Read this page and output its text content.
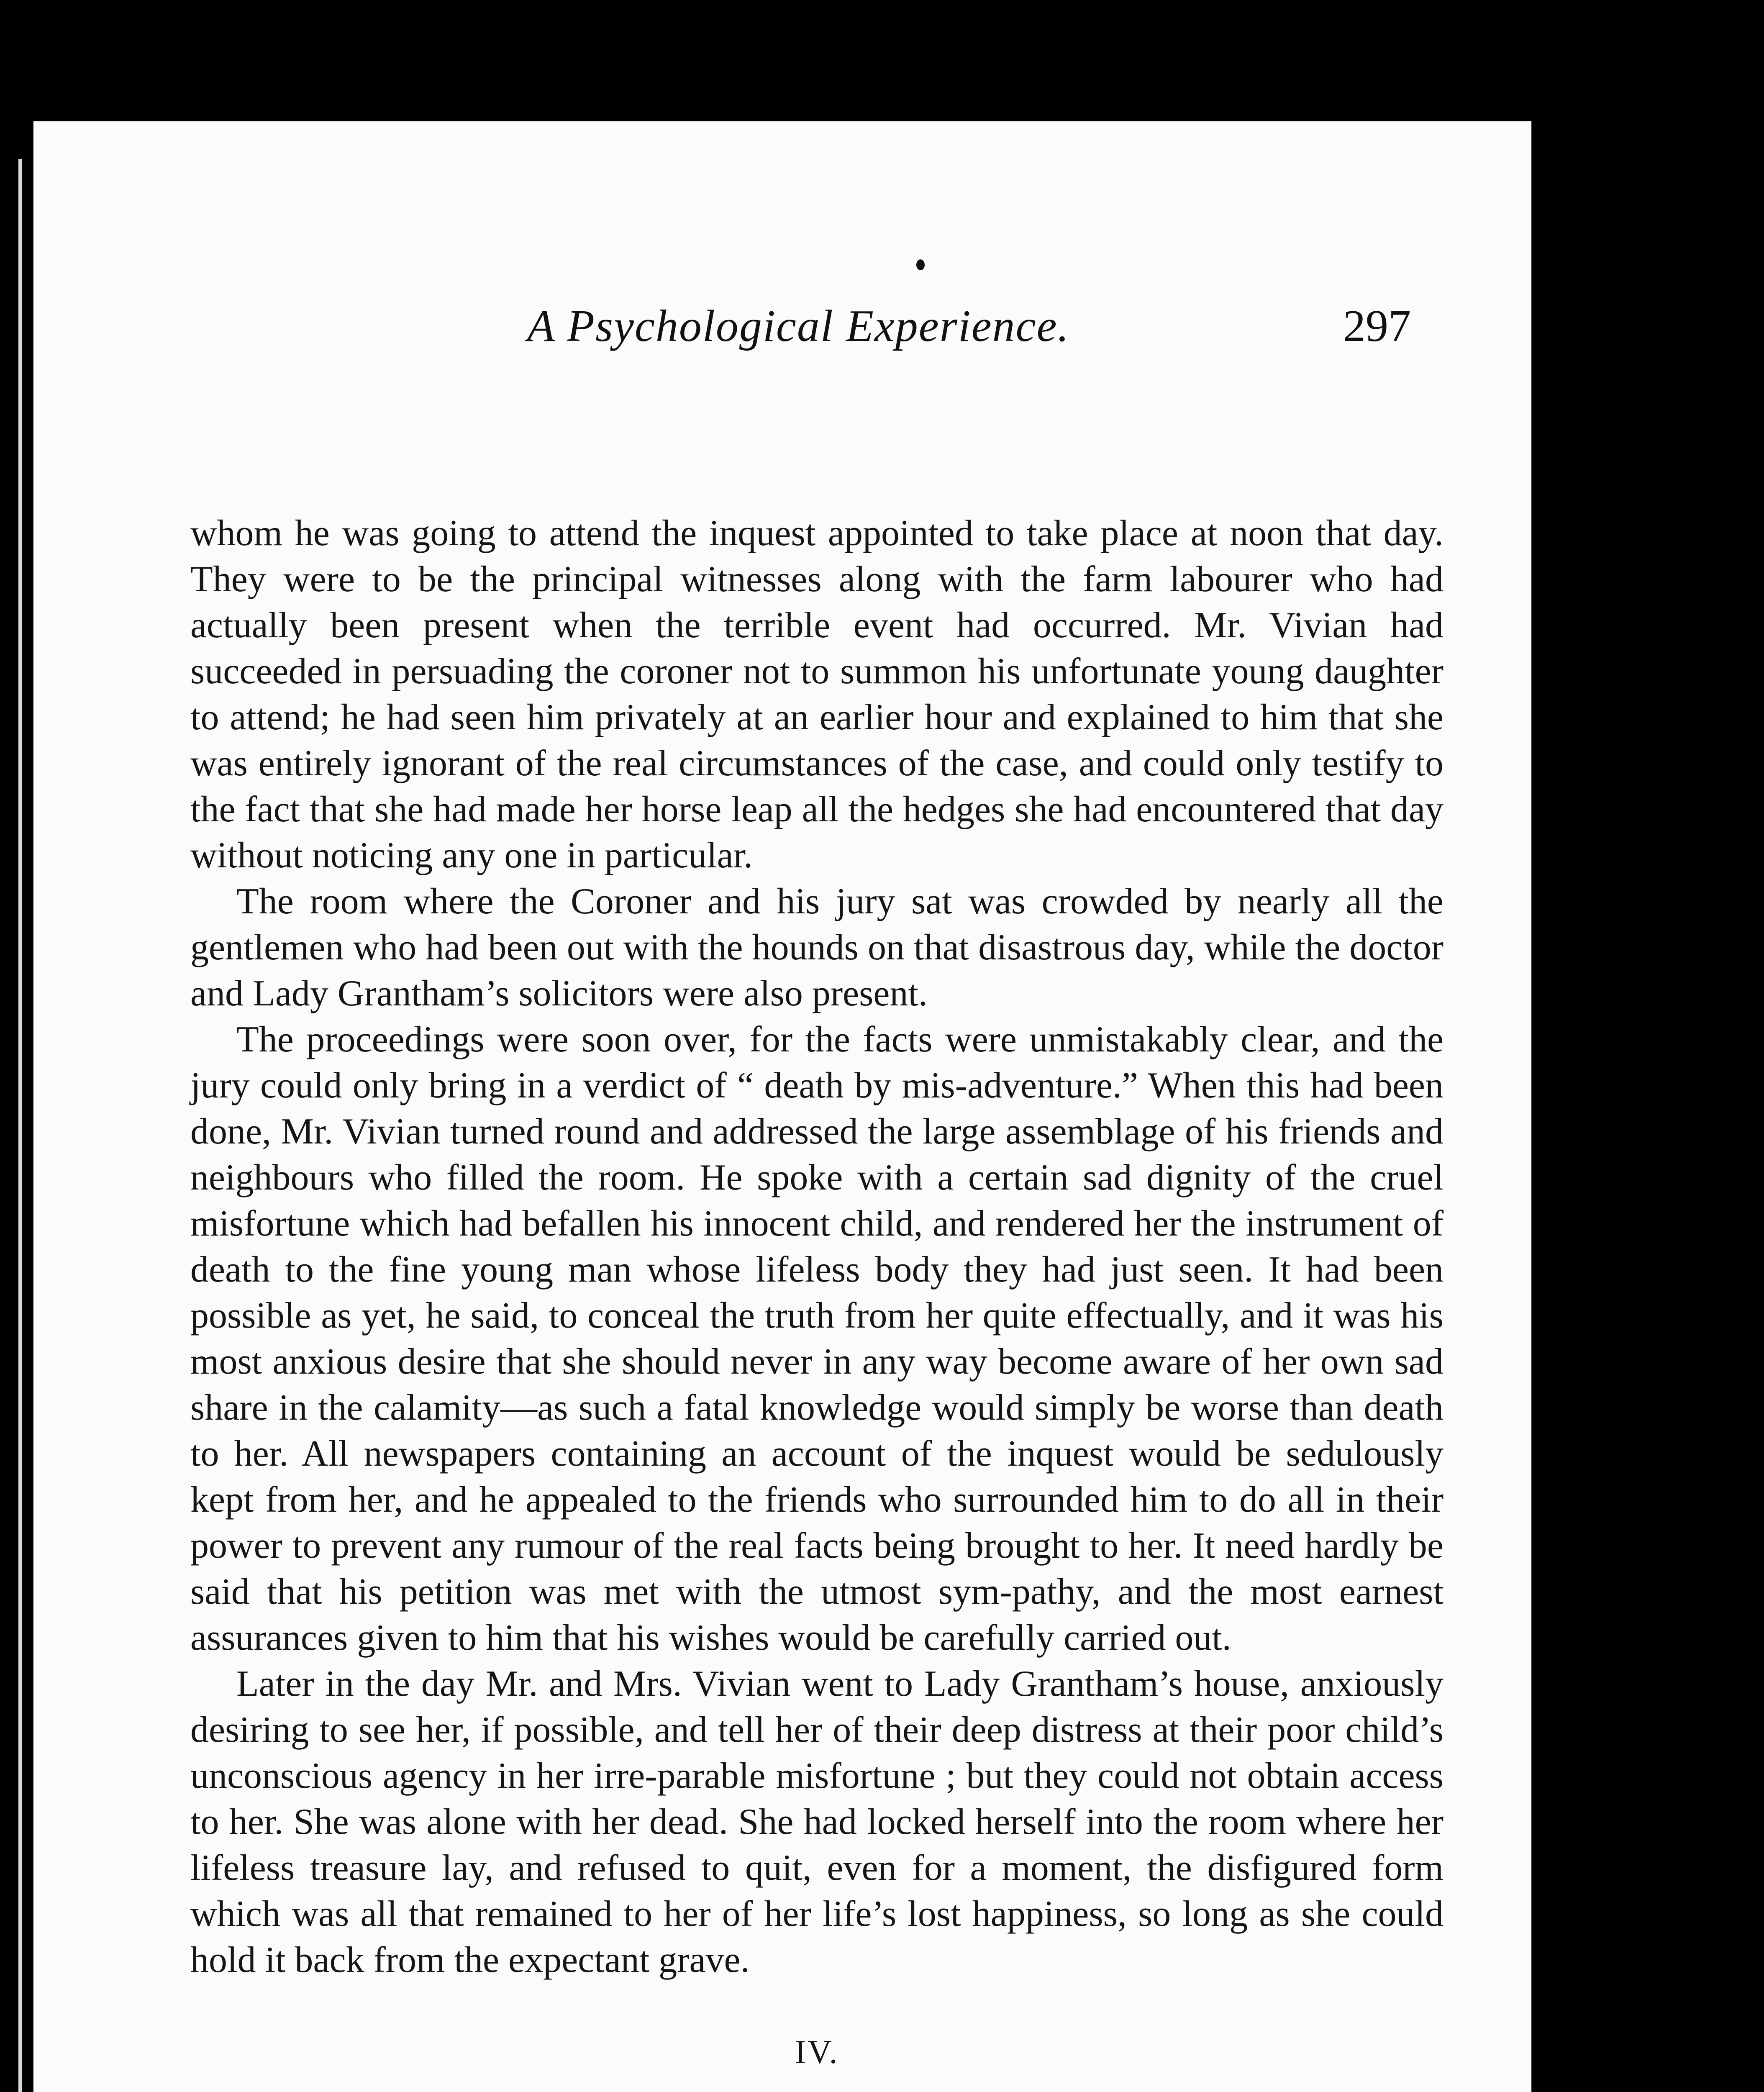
A Psychological Experience.	297

whom he was going to attend the inquest appointed to take place at noon that day. They were to be the principal witnesses along with the farm labourer who had actually been present when the terrible event had occurred. Mr. Vivian had succeeded in persuading the coroner not to summon his unfortunate young daughter to attend; he had seen him privately at an earlier hour and explained to him that she was entirely ignorant of the real circumstances of the case, and could only testify to the fact that she had made her horse leap all the hedges she had encountered that day without noticing any one in particular.

The room where the Coroner and his jury sat was crowded by nearly all the gentlemen who had been out with the hounds on that disastrous day, while the doctor and Lady Grantham’s solicitors were also present.

The proceedings were soon over, for the facts were unmistakably clear, and the jury could only bring in a verdict of “ death by mis-adventure.” When this had been done, Mr. Vivian turned round and addressed the large assemblage of his friends and neighbours who filled the room. He spoke with a certain sad dignity of the cruel misfortune which had befallen his innocent child, and rendered her the instrument of death to the fine young man whose lifeless body they had just seen. It had been possible as yet, he said, to conceal the truth from her quite effectually, and it was his most anxious desire that she should never in any way become aware of her own sad share in the calamity—as such a fatal knowledge would simply be worse than death to her. All newspapers containing an account of the inquest would be sedulously kept from her, and he appealed to the friends who surrounded him to do all in their power to prevent any rumour of the real facts being brought to her. It need hardly be said that his petition was met with the utmost sym-pathy, and the most earnest assurances given to him that his wishes would be carefully carried out.

Later in the day Mr. and Mrs. Vivian went to Lady Grantham’s house, anxiously desiring to see her, if possible, and tell her of their deep distress at their poor child’s unconscious agency in her irre-parable misfortune ; but they could not obtain access to her. She was alone with her dead. She had locked herself into the room where her lifeless treasure lay, and refused to quit, even for a moment, the disfigured form which was all that remained to her of her life’s lost happiness, so long as she could hold it back from the expectant grave.

IV.
